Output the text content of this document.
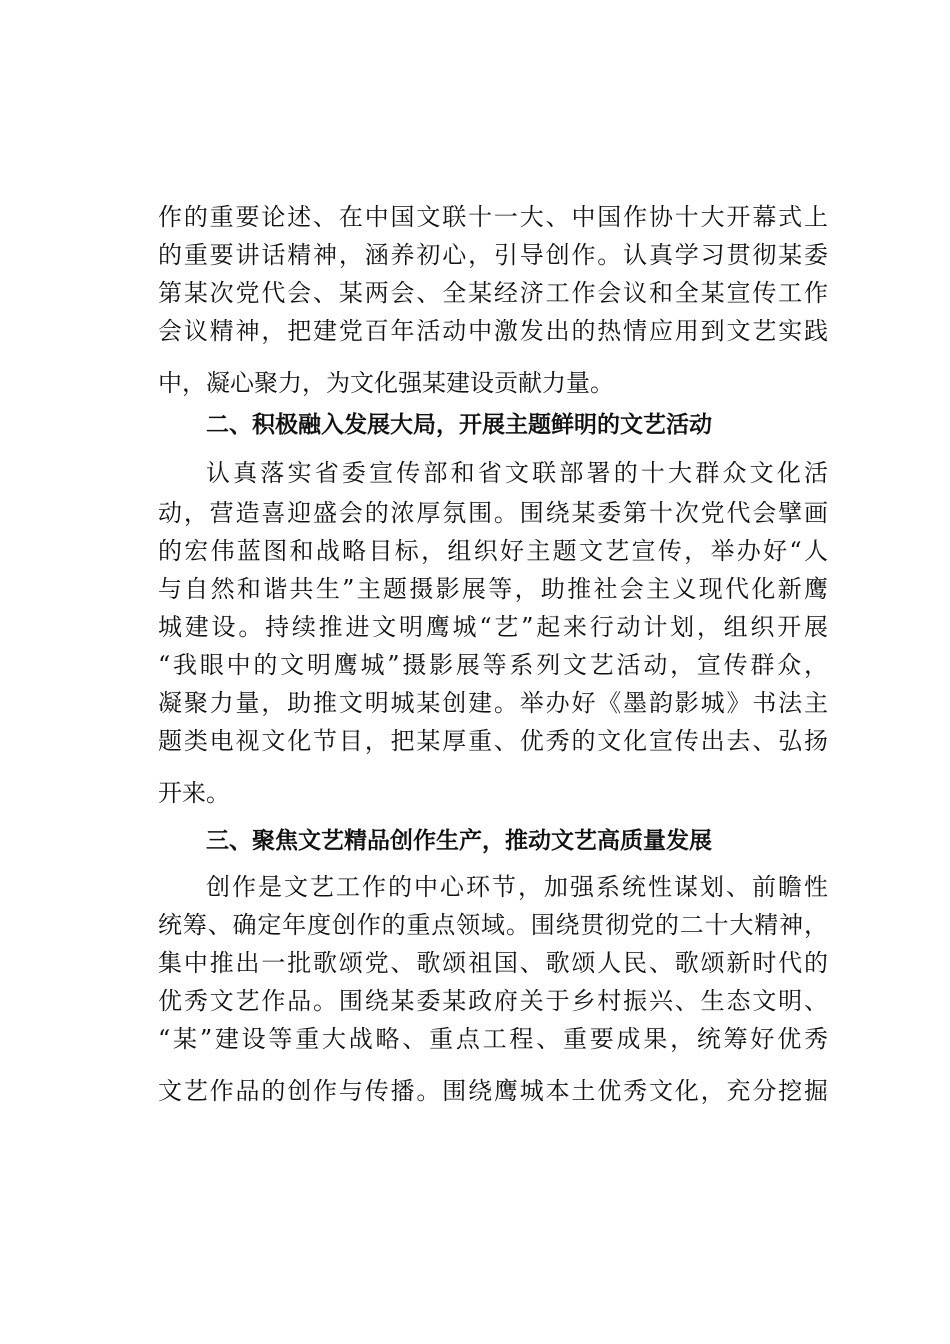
作的重要论述、在中国文联十一大、中国作协十大开幕式上
的重要讲话精神，涵养初心，引导创作。认真学习贯彻某委
第某次党代会、某两会、全某经济工作会议和全某宣传工作
会议精神，把建党百年活动中激发出的热情应用到文艺实践
中，凝心聚力，为文化强某建设贡献力量。
二、积极融入发展大局，开展主题鲜明的文艺活动
认真落实省委宣传部和省文联部署的十大群众文化活
动，营造喜迎盛会的浓厚氛围。围绕某委第十次党代会擘画
的宏伟蓝图和战略目标，组织好主题文艺宣传，举办好“人
与自然和谐共生”主题摄影展等，助推社会主义现代化新鹰
城建设。持续推进文明鹰城“艺”起来行动计划，组织开展
“我眼中的文明鹰城”摄影展等系列文艺活动，宣传群众，
凝聚力量，助推文明城某创建。举办好《墨韵影城》书法主
题类电视文化节目，把某厚重、优秀的文化宣传出去、弘扬
开来。
三、聚焦文艺精品创作生产，推动文艺高质量发展
创作是文艺工作的中心环节，加强系统性谋划、前瞻性
统筹、确定年度创作的重点领域。围绕贯彻党的二十大精神，
集中推出一批歌颂党、歌颂祖国、歌颂人民、歌颂新时代的
优秀文艺作品。围绕某委某政府关于乡村振兴、生态文明、
“某”建设等重大战略、重点工程、重要成果，统筹好优秀
文艺作品的创作与传播。围绕鹰城本土优秀文化，充分挖掘
